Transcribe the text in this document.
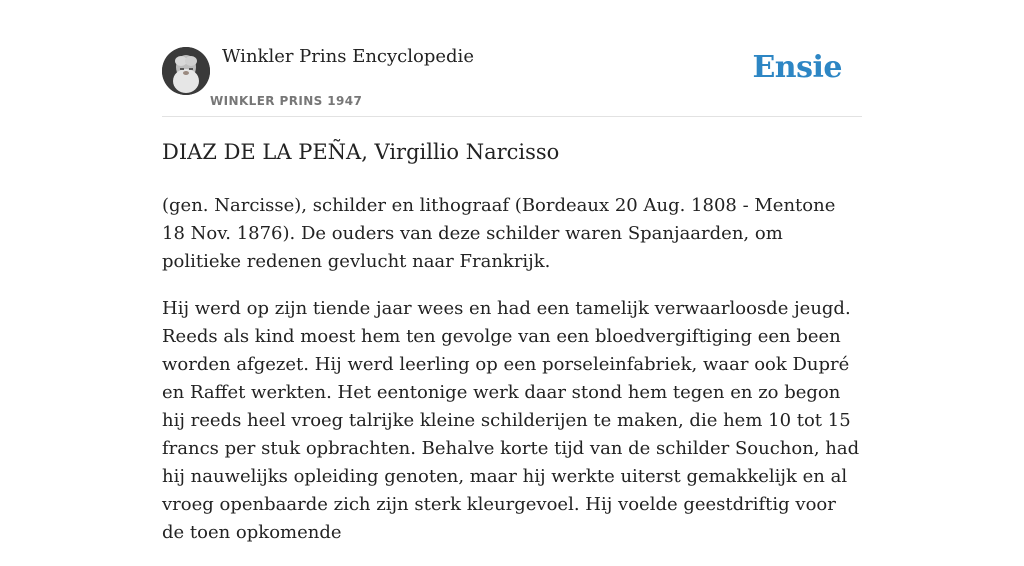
Winkler Prins Encyclopedie
WINKLER PRINS 1947
Ensie
DIAZ DE LA PEÑA, Virgillio Narcisso

(gen. Narcisse), schilder en lithograaf (Bordeaux 20 Aug. 1808 - Mentone 18 Nov. 1876). De ouders van deze schilder waren Spanjaarden, om politieke redenen gevlucht naar Frankrijk.

Hij werd op zijn tiende jaar wees en had een tamelijk verwaarloosde jeugd. Reeds als kind moest hem ten gevolge van een bloedvergiftiging een been worden afgezet. Hij werd leerling op een porseleinfabriek, waar ook Dupré en Raffet werkten. Het eentonige werk daar stond hem tegen en zo begon hij reeds heel vroeg talrijke kleine schilderijen te maken, die hem 10 tot 15 francs per stuk opbrachten. Behalve korte tijd van de schilder Souchon, had hij nauwelijks opleiding genoten, maar hij werkte uiterst gemakkelijk en al vroeg openbaarde zich zijn sterk kleurgevoel. Hij voelde geestdriftig voor de toen opkomende
